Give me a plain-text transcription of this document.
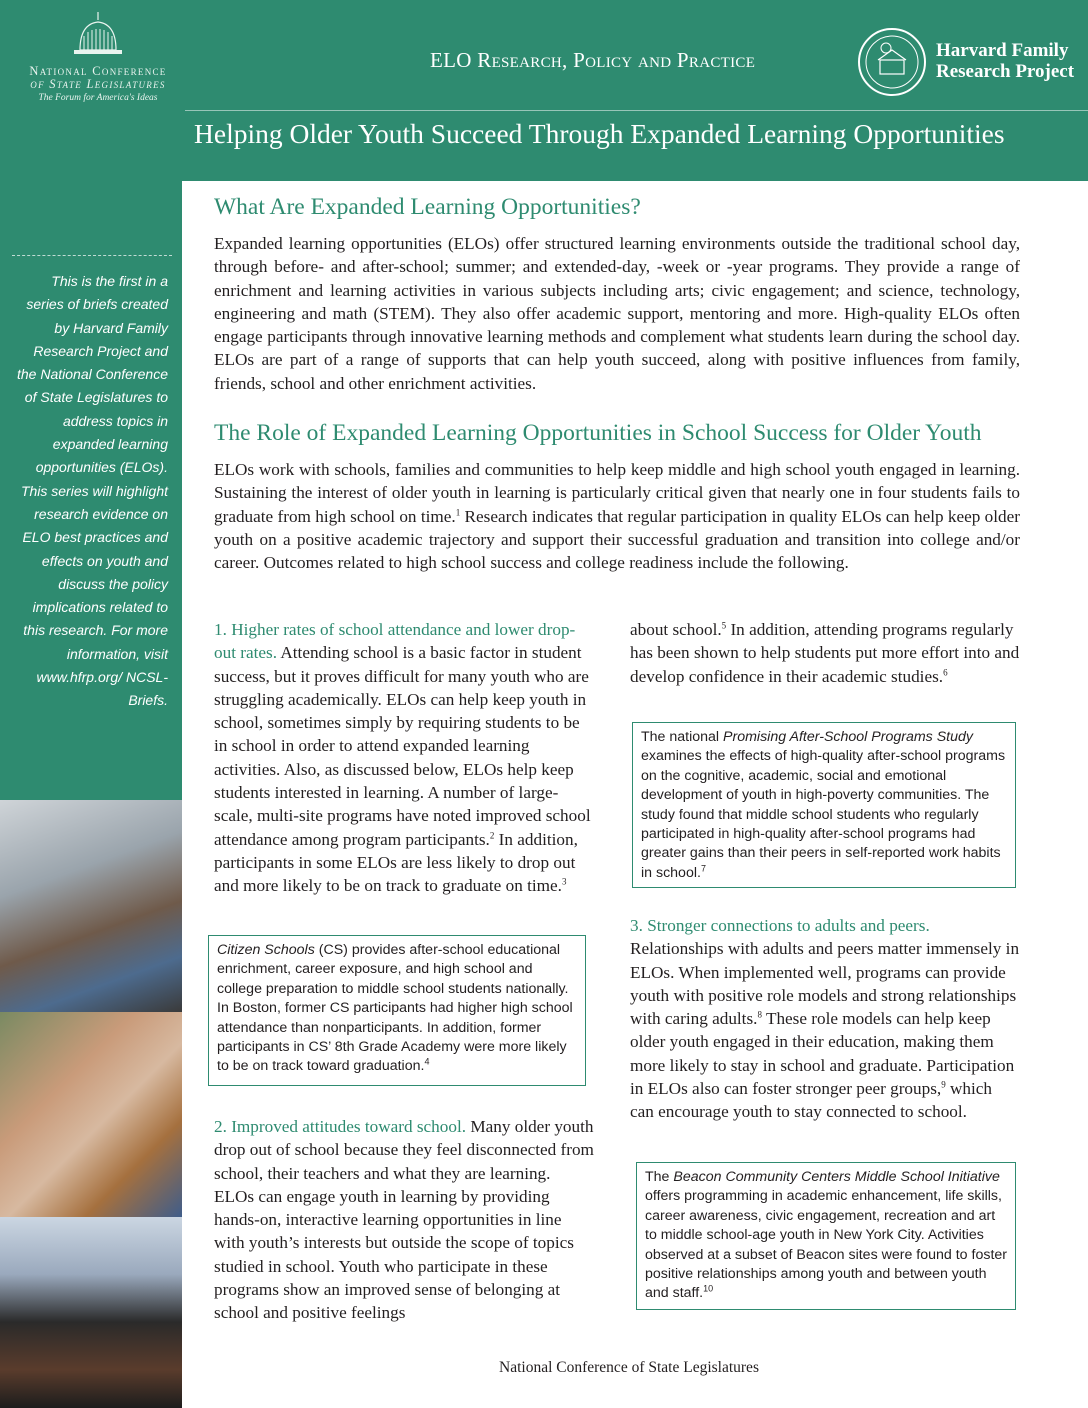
National Conference
of State Legislatures
The Forum for America's Ideas
ELO Research, Policy and Practice	Harvard Family
Research Project
Helping Older Youth Succeed Through Expanded Learning Opportunities
Brief No. 1
August 2011
This is the first in a series of briefs created by Harvard Family Research Project and the National Conference of State Legislatures to address topics in expanded learning opportunities (ELOs). This series will highlight research evidence on ELO best practices and effects on youth and discuss the policy implications related to this research. For more information, visit www.hfrp.org/ NCSL-Briefs.
What Are Expanded Learning Opportunities?
Expanded learning opportunities (ELOs) offer structured learning environments outside the traditional school day, through before- and after-school; summer; and extended-day, -week or -year programs. They provide a range of enrichment and learning activities in various subjects including arts; civic engagement; and science, technology, engineering and math (STEM). They also offer academic support, mentoring and more. High-quality ELOs often engage participants through innovative learning methods and complement what students learn during the school day. ELOs are part of a range of supports that can help youth succeed, along with positive influences from family, friends, school and other enrichment activities.
The Role of Expanded Learning Opportunities in School Success for Older Youth
ELOs work with schools, families and communities to help keep middle and high school youth engaged in learning. Sustaining the interest of older youth in learning is particularly critical given that nearly one in four students fails to graduate from high school on time.$^1$ Research indicates that regular participation in quality ELOs can help keep older youth on a positive academic trajectory and support their successful graduation and transition into college and/or career. Outcomes related to high school success and college readiness include the following.
1. Higher rates of school attendance and lower drop-out rates. Attending school is a basic factor in student success, but it proves difficult for many youth who are struggling academically. ELOs can help keep youth in school, sometimes simply by requiring students to be in school in order to attend expanded learning activities. Also, as discussed below, ELOs help keep students interested in learning. A number of large-scale, multi-site programs have noted improved school attendance among program participants.$^2$ In addition, participants in some ELOs are less likely to drop out and more likely to be on track to graduate on time.$^3$
Citizen Schools (CS) provides after-school educational enrichment, career exposure, and high school and college preparation to middle school students nationally. In Boston, former CS participants had higher high school attendance than nonparticipants. In addition, former participants in CS’ 8th Grade Academy were more likely to be on track toward graduation.$^4$
2. Improved attitudes toward school. Many older youth drop out of school because they feel disconnected from school, their teachers and what they are learning. ELOs can engage youth in learning by providing hands-on, interactive learning opportunities in line with youth’s interests but outside the scope of topics studied in school. Youth who participate in these programs show an improved sense of belonging at school and positive feelings
about school.$^5$ In addition, attending programs regularly has been shown to help students put more effort into and develop confidence in their academic studies.$^6$
The national Promising After-School Programs Study examines the effects of high-quality after-school programs on the cognitive, academic, social and emotional development of youth in high-poverty communities. The study found that middle school students who regularly participated in high-quality after-school programs had greater gains than their peers in self-reported work habits in school.$^7$
3. Stronger connections to adults and peers. Relationships with adults and peers matter immensely in ELOs. When implemented well, programs can provide youth with positive role models and strong relationships with caring adults.$^8$ These role models can help keep older youth engaged in their education, making them more likely to stay in school and graduate. Participation in ELOs also can foster stronger peer groups,$^9$ which can encourage youth to stay connected to school.
The Beacon Community Centers Middle School Initiative offers programming in academic enhancement, life skills, career awareness, civic engagement, recreation and art to middle school-age youth in New York City. Activities observed at a subset of Beacon sites were found to foster positive relationships among youth and between youth and staff.$^{10}$
National Conference of State Legislatures
